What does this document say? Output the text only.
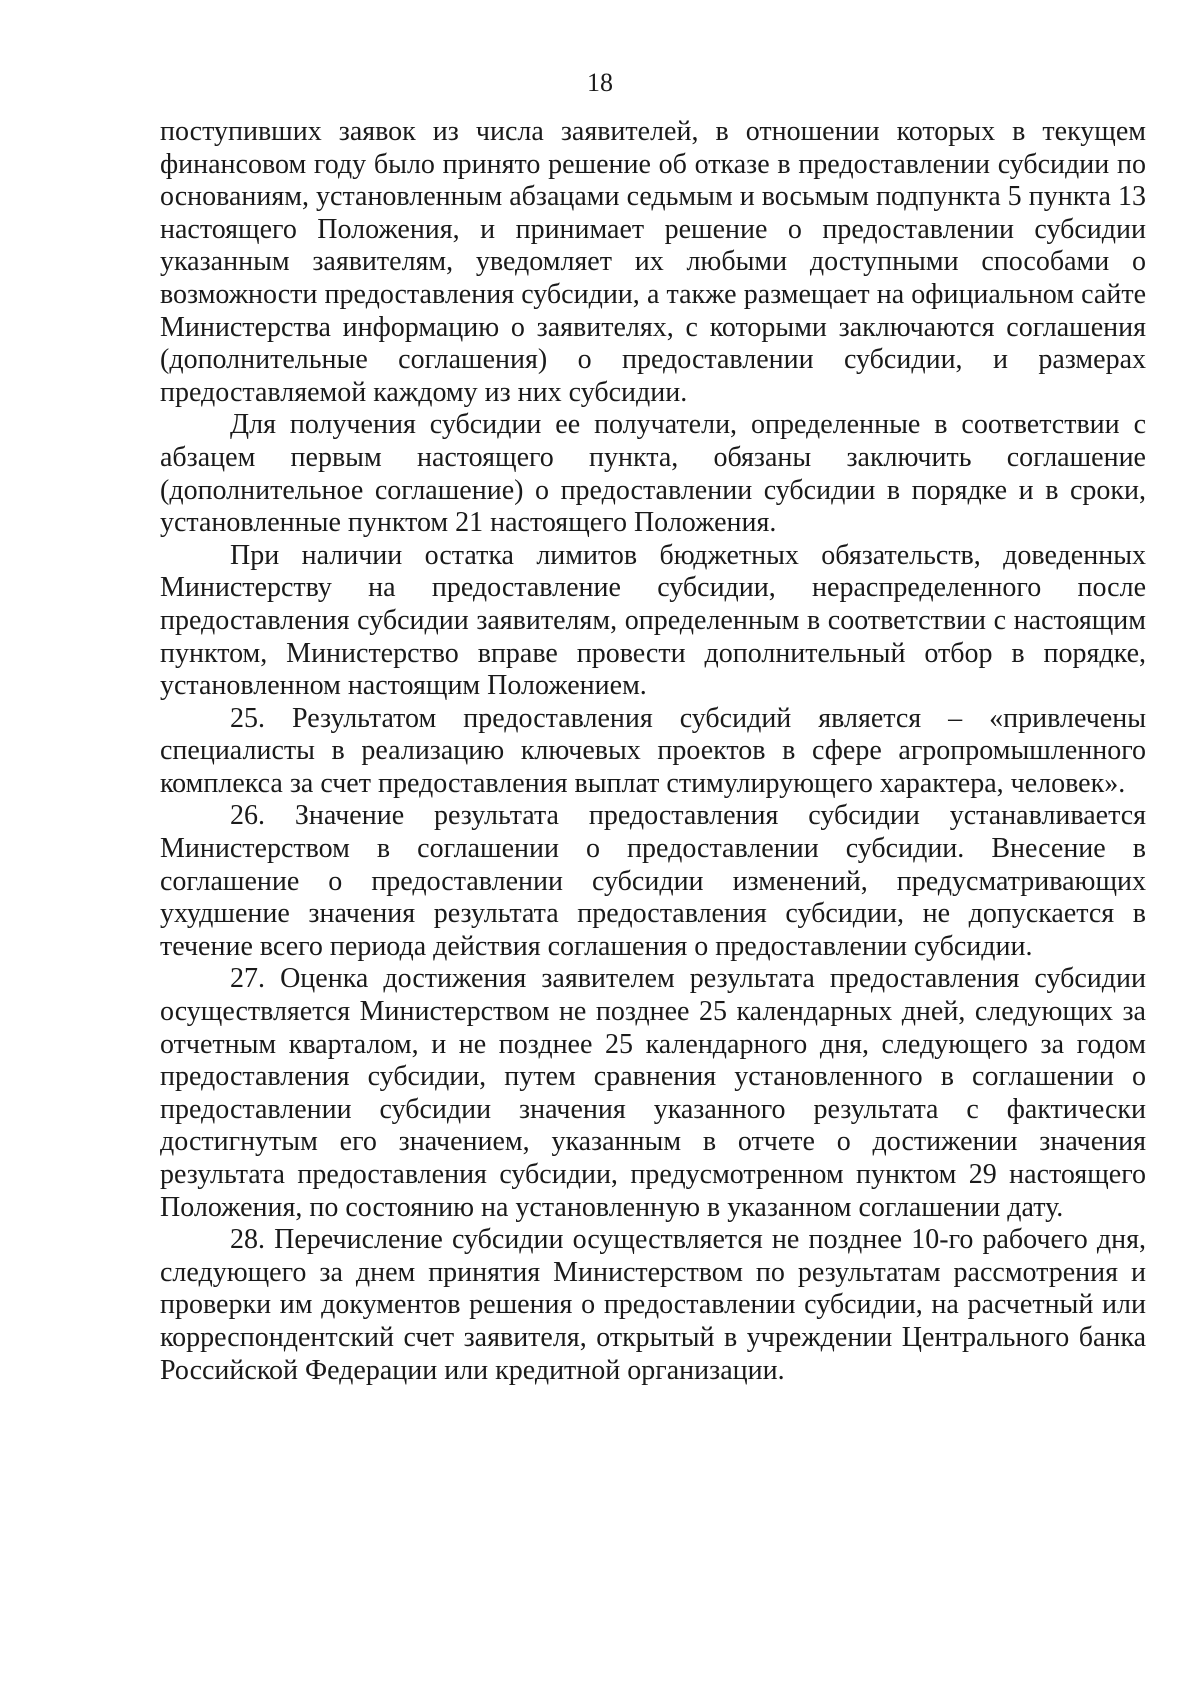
18

поступивших заявок из числа заявителей, в отношении которых в текущем финансовом году было принято решение об отказе в предоставлении субсидии по основаниям, установленным абзацами седьмым и восьмым подпункта 5 пункта 13 настоящего Положения, и принимает решение о предоставлении субсидии указанным заявителям, уведомляет их любыми доступными способами о возможности предоставления субсидии, а также размещает на официальном сайте Министерства информацию о заявителях, с которыми заключаются соглашения (дополнительные соглашения) о предоставлении субсидии, и размерах предоставляемой каждому из них субсидии.

Для получения субсидии ее получатели, определенные в соответствии с абзацем первым настоящего пункта, обязаны заключить соглашение (дополнительное соглашение) о предоставлении субсидии в порядке и в сроки, установленные пунктом 21 настоящего Положения.

При наличии остатка лимитов бюджетных обязательств, доведенных Министерству на предоставление субсидии, нераспределенного после предоставления субсидии заявителям, определенным в соответствии с настоящим пунктом, Министерство вправе провести дополнительный отбор в порядке, установленном настоящим Положением.

25. Результатом предоставления субсидий является – «привлечены специалисты в реализацию ключевых проектов в сфере агропромышленного комплекса за счет предоставления выплат стимулирующего характера, человек».

26. Значение результата предоставления субсидии устанавливается Министерством в соглашении о предоставлении субсидии. Внесение в соглашение о предоставлении субсидии изменений, предусматривающих ухудшение значения результата предоставления субсидии, не допускается в течение всего периода действия соглашения о предоставлении субсидии.

27. Оценка достижения заявителем результата предоставления субсидии осуществляется Министерством не позднее 25 календарных дней, следующих за отчетным кварталом, и не позднее 25 календарного дня, следующего за годом предоставления субсидии, путем сравнения установленного в соглашении о предоставлении субсидии значения указанного результата с фактически достигнутым его значением, указанным в отчете о достижении значения результата предоставления субсидии, предусмотренном пунктом 29 настоящего Положения, по состоянию на установленную в указанном соглашении дату.

28. Перечисление субсидии осуществляется не позднее 10-го рабочего дня, следующего за днем принятия Министерством по результатам рассмотрения и проверки им документов решения о предоставлении субсидии, на расчетный или корреспондентский счет заявителя, открытый в учреждении Центрального банка Российской Федерации или кредитной организации.
